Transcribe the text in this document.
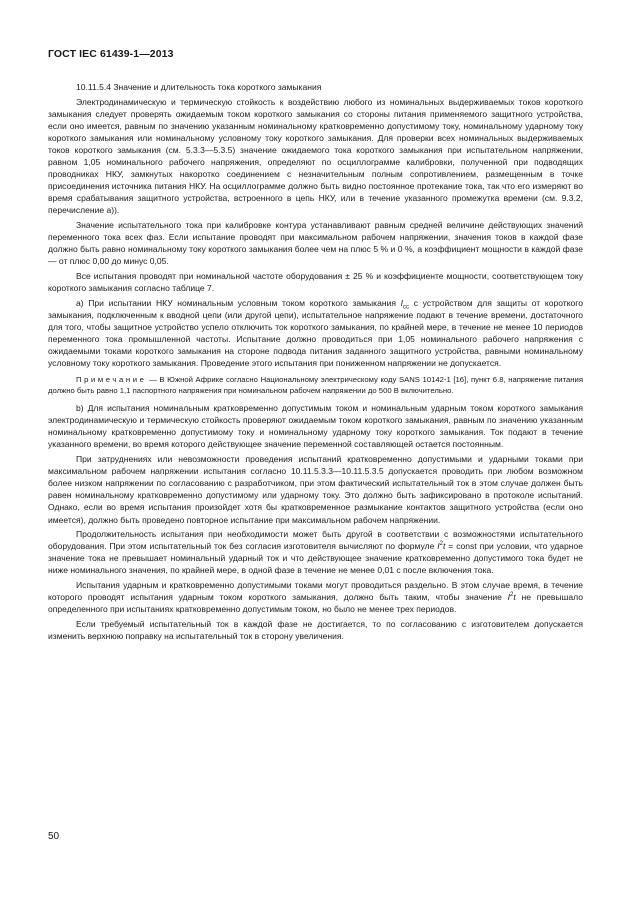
ГОСТ IEC 61439-1—2013

10.11.5.4 Значение и длительность тока короткого замыкания

Электродинамическую и термическую стойкость к воздействию любого из номинальных выдерживаемых токов короткого замыкания следует проверять ожидаемым током короткого замыкания со стороны питания применяемого защитного устройства, если оно имеется, равным по значению указанным номинальному кратковременно допустимому току, номинальному ударному току короткого замыкания или номинальному условному току короткого замыкания. Для проверки всех номинальных выдерживаемых токов короткого замыкания (см. 5.3.3—5.3.5) значение ожидаемого тока короткого замыкания при испытательном напряжении, равном 1,05 номинального рабочего напряжения, определяют по осциллограмме калибровки, полученной при подводящих проводниках НКУ, замкнутых накоротко соединением с незначительным полным сопротивлением, размещенным в точке присоединения источника питания НКУ. На осциллограмме должно быть видно постоянное протекание тока, так что его измеряют во время срабатывания защитного устройства, встроенного в цепь НКУ, или в течение указанного промежутка времени (см. 9.3.2, перечисление а)).

Значение испытательного тока при калибровке контура устанавливают равным средней величине действующих значений переменного тока всех фаз. Если испытание проводят при максимальном рабочем напряжении, значения токов в каждой фазе должно быть равно номинальному току короткого замыкания более чем на плюс 5 % и 0 %, а коэффициент мощности в каждой фазе — от плюс 0,00 до минус 0,05.

Все испытания проводят при номинальной частоте оборудования ± 25 % и коэффициенте мощности, соответствующем току короткого замыкания согласно таблице 7.

а) При испытании НКУ номинальным условным током короткого замыкания $I_{cc}$ с устройством для защиты от короткого замыкания, подключенным к вводной цепи (или другой цепи), испытательное напряжение подают в течение времени, достаточного для того, чтобы защитное устройство успело отключить ток короткого замыкания, по крайней мере, в течение не менее 10 периодов переменного тока промышленной частоты. Испытание должно проводиться при 1,05 номинального рабочего напряжения с ожидаемыми токами короткого замыкания на стороне подвода питания заданного защитного устройства, равными номинальному условному току короткого замыкания. Проведение этого испытания при пониженном напряжении не допускается.

Примечание — В Южной Африке согласно Национальному электрическому коду SANS 10142-1 [16], пункт 6.8, напряжение питания должно быть равно 1,1 паспортного напряжения при номинальном рабочем напряжении до 500 В включительно.

b) Для испытания номинальным кратковременно допустимым током и номинальным ударным током короткого замыкания электродинамическую и термическую стойкость проверяют ожидаемым током короткого замыкания, равным по значению указанным номинальному кратковременно допустимому току и номинальному ударному току короткого замыкания. Ток подают в течение указанного времени, во время которого действующее значение переменной составляющей остается постоянным.

При затруднениях или невозможности проведения испытаний кратковременно допустимыми и ударными токами при максимальном рабочем напряжении испытания согласно 10.11.5.3.3—10.11.5.3.5 допускается проводить при любом возможном более низком напряжении по согласованию с разработчиком, при этом фактический испытательный ток в этом случае должен быть равен номинальному кратковременно допустимому или ударному току. Это должно быть зафиксировано в протоколе испытаний. Однако, если во время испытания произойдет хотя бы кратковременное размыкание контактов защитного устройства (если оно имеется), должно быть проведено повторное испытание при максимальном рабочем напряжении.

Продолжительность испытания при необходимости может быть другой в соответствии с возможностями испытательного оборудования. При этом испытательный ток без согласия изготовителя вычисляют по формуле $I^2t$ = const при условии, что ударное значение тока не превышает номинальный ударный ток и что действующее значение кратковременно допустимого тока будет не ниже номинального значения, по крайней мере, в одной фазе в течение не менее 0,01 с после включения тока.

Испытания ударным и кратковременно допустимыми токами могут проводиться раздельно. В этом случае время, в течение которого проводят испытания ударным током короткого замыкания, должно быть таким, чтобы значение $I^2t$ не превышало определенного при испытаниях кратковременно допустимым током, но было не менее трех периодов.

Если требуемый испытательный ток в каждой фазе не достигается, то по согласованию с изготовителем допускается изменить верхнюю поправку на испытательный ток в сторону увеличения.

50
